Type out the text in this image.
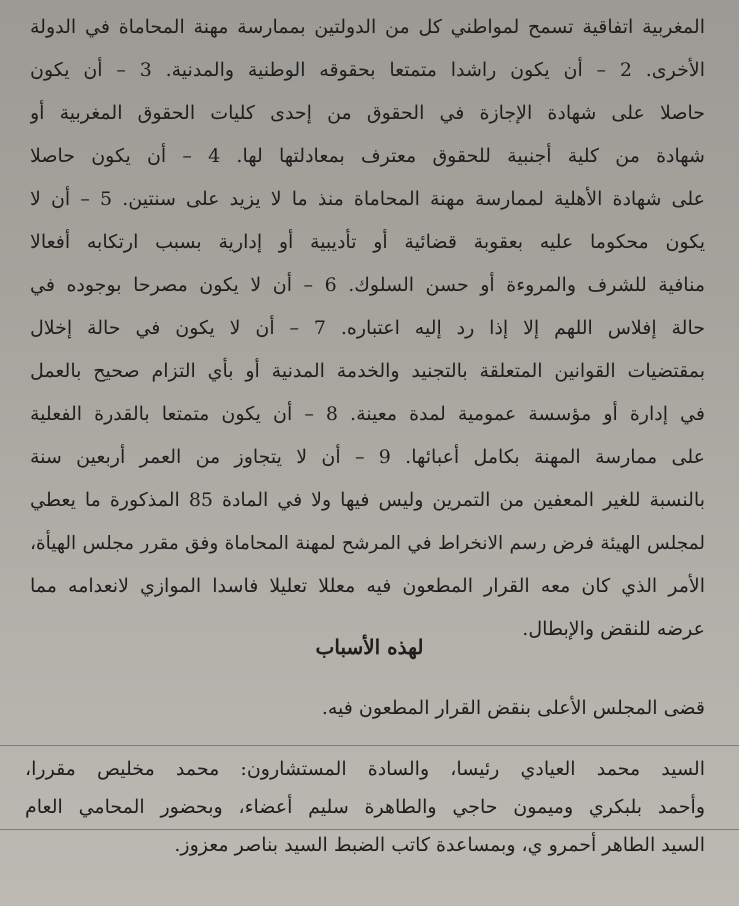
المغربية اتفاقية تسمح لمواطني كل من الدولتين بممارسة مهنة المحاماة في الدولة
الأخرى. 2 – أن يكون راشدا متمتعا بحقوقه الوطنية والمدنية. 3 – أن يكون
حاصلا على شهادة الإجازة في الحقوق من إحدى كليات الحقوق المغربية أو
شهادة من كلية أجنبية للحقوق معترف بمعادلتها لها. 4 – أن يكون حاصلا
على شهادة الأهلية لممارسة مهنة المحاماة منذ ما لا يزيد على سنتين. 5 – أن لا
يكون محكوما عليه بعقوبة قضائية أو تأديبية أو إدارية بسبب ارتكابه أفعالا
منافية للشرف والمروءة أو حسن السلوك. 6 – أن لا يكون مصرحا بوجوده في
حالة إفلاس اللهم إلا إذا رد إليه اعتباره. 7 – أن لا يكون في حالة إخلال
بمقتضيات القوانين المتعلقة بالتجنيد والخدمة المدنية أو بأي التزام صحيح بالعمل
في إدارة أو مؤسسة عمومية لمدة معينة. 8 – أن يكون متمتعا بالقدرة الفعلية
على ممارسة المهنة بكامل أعبائها. 9 – أن لا يتجاوز من العمر أربعين سنة
بالنسبة للغير المعفين من التمرين وليس فيها ولا في المادة 85 المذكورة ما يعطي
لمجلس الهيئة فرض رسم الانخراط في المرشح لمهنة المحاماة وفق مقرر مجلس الهيأة،
الأمر الذي كان معه القرار المطعون فيه معللا تعليلا فاسدا الموازي لانعدامه مما
عرضه للنقض والإبطال.
لهذه الأسباب

قضى المجلس الأعلى بنقض القرار المطعون فيه.

السيد محمد العيادي رئيسا، والسادة المستشارون: محمد مخليص مقررا،
وأحمد بلبكري وميمون حاجي والطاهرة سليم أعضاء، وبحضور المحامي العام
السيد الطاهر أحمرو ي، وبمساعدة كاتب الضبط السيد بناصر معزوز.
